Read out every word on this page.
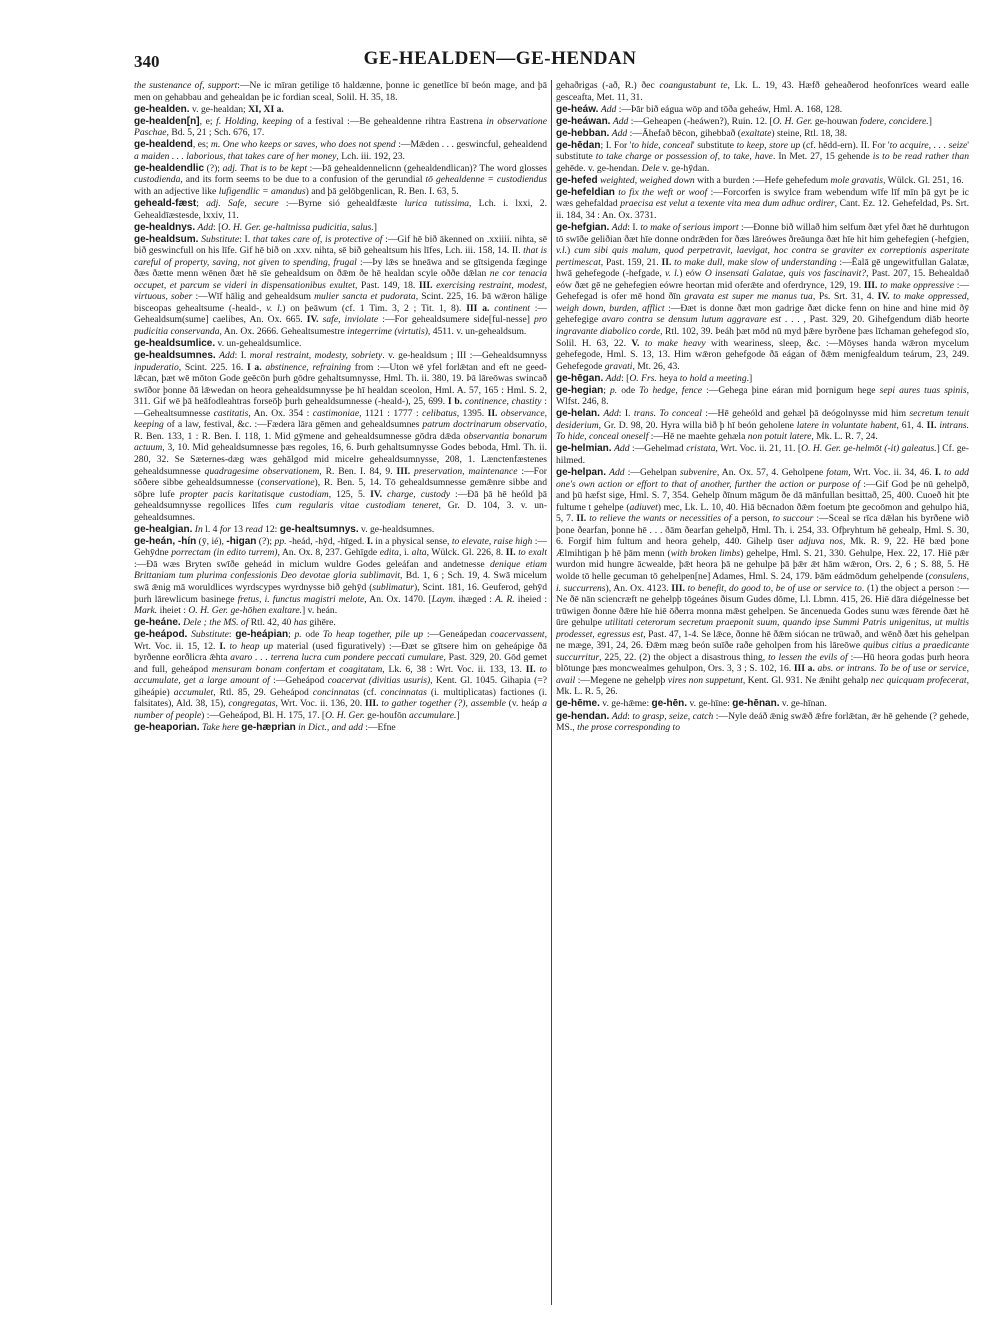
340	GE-HEALDEN—GE-HENDAN

the sustenance of, support:—Ne ic mīran getilige tō haldænne, þonne ic genetlīce bī beón mage, and þā men on gehabbau and gehealdan þe ic fordian sceal, Solil. H. 35, 18.

ge-healden. v. ge-healdan; XI, XI a.

ge-healden[n], e; f. Holding, keeping of a festival :—Be gehealdenne rihtra Eastrena in observatione Paschae, Bd. 5, 21 ; Sch. 676, 17.

ge-healdend, es; m. One who keeps or saves, who does not spend :—Mǣden . . . geswincful, gehealdend a maiden . . . laborious, that takes care of her money, Lch. iii. 192, 23.

ge-healdendlic (?); adj. That is to be kept :—Þā gehealdennelicnn (gehealdendlican)? The word glosses custodienda, and its form seems to be due to a confusion of the gerundial tō gehealdenne = custodiendus with an adjective like lufigendlic = amandus) and þā gelōbgenlican, R. Ben. I. 63, 5.

geheald-fæst; adj. Safe, secure :—Byrne sió gehealdfæste lurica tutissima, Lch. i. lxxi, 2. Gehealdīæstesde, lxxiv, 11.

ge-healdnys. Add: [O. H. Ger. ge-haltnissa pudicitia, salus.]

ge-healdsum. Substitute: I. that takes care of, is protective of :—Gif hē bið ākenned on .xxiiii. nihta, sē bið geswincfull on his līfe. Gif hē bið on .xxv. nihta, sē bið gehealtsum his līfes, Lch. iii. 158, 14. II. that is careful of property, saving, not given to spending, frugal :—Þy lǣs se hneāwa and se gītsigenda fæginge ðæs ðætte menn wēnen ðæt hē sīe gehealdsum on ðǣm ðe hē healdan scyle oððe dǣlan ne cor tenacia occupet, et parcum se videri in dispensationibus exultet, Past. 149, 18. III. exercising restraint, modest, virtuous, sober :—Wīf hālig and gehealdsum mulier sancta et pudorata, Scint. 225, 16. Þā wǣron hālige bisceopas gehealtsume (-heald-, v. l.) on þeāwum (cf. 1 Tim. 3, 2 ; Tit. 1, 8). III a. continent :—Gehealdsum(sume] caelibes, An. Ox. 665. IV. safe, inviolate :—For gehealdsumere side[ful-nesse] pro pudicitia conservanda, An. Ox. 2666. Gehealtsumestre integerrime (virtutis), 4511. v. un-gehealdsum.

ge-healdsumlice. v. un-gehealdsumlice.

ge-healdsumnes. Add: I. moral restraint, modesty, sobriety. v. ge-healdsum ; III :—Gehealdsumnyss inpuderatio, Scint. 225. 16. I a. abstinence, refraining from :—Uton wē yfel forlǣtan and eft ne geed-lǣcan, þæt wē mōton Gode geēcōn þurh gōdre gehaltsumnysse, Hml. Th. ii. 380, 19. Þā lāreōwas swincað swīðor þonne ðā lǣwedan on heora gehealdsumnysse þe hī healdan sceolon, Hml. A. 57, 165 : Hml. S. 2, 311. Gif wē þā heāfodleahtras forseōþ þurh gehealdsumnesse (-heald-), 25, 699. I b. continence, chastity :—Gehealtsumnesse castitatis, An. Ox. 354 : castimoniae, 1121 : 1777 : celibatus, 1395. II. observance, keeping of a law, festival, &c. :—Fædera lāra gēmen and gehealdsumnes patrum doctrinarum observatio, R. Ben. 133, 1 : R. Ben. I. 118, 1. Mid gȳmene and gehealdsumnesse gōdra dǣda observantia bonarum actuum, 3, 10. Mid gehealdsumnesse þæs regoles, 16, 6. Þurh gehaltsumnysse Godes beboda, Hml. Th. ii. 280, 32. Se Sæternes-dæg wæs gehālgod mid micelre gehealdsumnysse, 208, 1. Lænctenfæstenes gehealdsumnesse quadragesime observationem, R. Ben. I. 84, 9. III. preservation, maintenance :—For sōðere sibbe gehealdsumnesse (conservatione), R. Ben. 5, 14. Tō gehealdsumnesse gemǣnre sibbe and sōþre lufe propter pacis karitatisque custodiam, 125, 5. IV. charge, custody :—Ðā þā hē heóld þā gehealdsumnysse regollices līfes cum regularis vitae custodiam teneret, Gr. D. 104, 3. v. un-gehealdsumnes.

ge-healgian. In l. 4 for 13 read 12: ge-healtsumnys. v. ge-healdsumnes.

ge-heán, -hín (ȳ, ié), -higan (?); pp. -heád, -hȳd, -hīged. I. in a physical sense, to elevate, raise high :—Gehȳdne porrectam (in edito turrem), An. Ox. 8, 237. Gehīgde edita, i. alta, Wülck. Gl. 226, 8. II. to exalt :—Ðā wæs Bryten swīðe geheád in miclum wuldre Godes geleáfan and andetnesse denique etiam Brittaniam tum plurima confessionis Deo devotae gloria sublimavit, Bd. 1, 6 ; Sch. 19, 4. Swā micelum swā ǣnig mā woruldlices wyrdscypes wyrdnysse bið gehȳd (sublimatur), Scint. 181, 16. Geuferod, gehȳd þurh lārewlicum basinege fretus, i. functus magistri melote, An. Ox. 1470. [Laym. ihæged : A. R. iheied : Mark. iheiet : O. H. Ger. ge-hōhen exaltare.] v. heán.

ge-heáne. Dele ; the MS. of Rtl. 42, 40 has gihēre.

ge-heápod. Substitute: ge-heápian; p. ode To heap together, pile up :—Geneápedan coacervassent, Wrt. Voc. ii. 15, 12. I. to heap up material (used figuratively) :—Ðæt se gītsere him on geheápige ðā byrðenne eorðlicra ǣhta avaro . . . terrena lucra cum pondere peccati cumulare, Past. 329, 20. Gōd gemet and full, geheápod mensuram bonam confertam et coagitatam, Lk. 6, 38 : Wrt. Voc. ii. 133, 13. II. to accumulate, get a large amount of :—Geheápod coacervat (divitias usuris), Kent. Gl. 1045. Gihapia (=? giheápie) accumulet, Rtl. 85, 29. Geheápod concinnatas (cf. concinnatas (i. multiplicatas) factiones (i. falsitates), Ald. 38, 15), congregatas, Wrt. Voc. ii. 136, 20. III. to gather together (?), assemble (v. heáp a number of people) :—Geheápod, Bl. H. 175, 17. [O. H. Ger. ge-houfōn accumulare.]

ge-heaporian. Take here ge-hæprian in Dict., and add :—Efne

gehaðrigas (-að, R.) ðec coangustabunt te, Lk. L. 19, 43. Hæfð geheaðerod heofonrīces weard ealle gesceafta, Met. 11, 31.

ge-heáw. Add :—Þār bið eágua wōp and tōða geheáw, Hml. A. 168, 128.

ge-heáwan. Add :—Geheapen (-heáwen?), Ruin. 12. [O. H. Ger. ge-houwan fodere, concidere.]

ge-hebban. Add :—Āhefað bēcon, gihebbað (exaltate) steine, Rtl. 18, 38.

ge-hēdan; I. For 'to hide, conceal' substitute to keep, store up (cf. hēdd-ern). II. For 'to acquire, . . . seize' substitute to take charge or possession of, to take, have. In Met. 27, 15 gehende is to be read rather than gehēde. v. ge-hendan. Dele v. ge-hȳdan.

ge-hefed weighted, weighed down with a burden :—Hefe gehefedum mole gravatis, Wülck. Gl. 251, 16.

ge-hefeldian to fix the weft or woof :—Forcorfen is swylce fram webendum wīfe līf mīn þā gyt þe ic wæs gehefaldad praecisa est velut a texente vita mea dum adhuc ordirer, Cant. Ez. 12. Gehefeldad, Ps. Srt. ii. 184, 34 : An. Ox. 3731.

ge-hefgian. Add: I. to make of serious import :—Ðonne bið willað him selfum ðæt yfel ðæt hē durhtugon tō swīðe geliðian ðæt hīe donne ondrǣden for ðæs lāreówes ðreāunga ðæt hīe hit him gehefegien (-hefgien, v.l.) cum sibi quis malum, quod perpetravit, laevigat, hoc contra se graviter ex correptionis asperitate pertimescat, Past. 159, 21. II. to make dull, make slow of understanding :—Ēalā gē ungewitfullan Galatæ, hwā gehefegode (-hefgade, v. l.) eów O insensati Galatae, quis vos fascinavit?, Past. 207, 15. Behealdað eów ðæt gē ne gehefegien eówre heortan mid oferǣte and oferdrynce, 129, 19. III. to make oppressive :—Gehefegad is ofer mē hond ðīn gravata est super me manus tua, Ps. Srt. 31, 4. IV. to make oppressed, weigh down, burden, afflict :—Ðæt is donne ðæt mon gadrige ðæt dicke fenn on hine and hine mid ðȳ gehefegige avaro contra se densum lutum aggravare est . . . , Past. 329, 20. Gihefgendum diāb heorte ingravante diabolico corde, Rtl. 102, 39. Þeáh þæt mōd nū myd þǣre byrðene þæs līchaman gehefegod sīo, Solil. H. 63, 22. V. to make heavy with weariness, sleep, &c. :—Mōyses handa wǣron mycelum gehefegode, Hml. S. 13, 13. Him wǣron gehefgode ðā eágan of ðǣm menigfealdum teárum, 23, 249. Gehefegode gravati, Mt. 26, 43.

ge-hēgan. Add: [O. Frs. heya to hold a meeting.]

ge-hegian; p. ode To hedge, fence :—Gehega þine eáran mid þornigum hege sepi aures tuas spinis, Wlfst. 246, 8.

ge-helan. Add: I. trans. To conceal :—Hē geheóld and gehæl þā deógolnysse mid him secretum tenuit desiderium, Gr. D. 98, 20. Hyra willa bið þ hī beón geholene latere in voluntate habent, 61, 4. II. intrans. To hide, conceal oneself :—Hē ne maehte gehæla non potuit latere, Mk. L. R. 7, 24.

ge-helmian. Add :—Gehelmad cristata, Wrt. Voc. ii. 21, 11. [O. H. Ger. ge-helmōt (-it) galeatus.] Cf. ge-hilmed.

ge-helpan. Add :—Gehelpan subvenire, An. Ox. 57, 4. Geholpene fotam, Wrt. Voc. ii. 34, 46. I. to add one's own action or effort to that of another, further the action or purpose of :—Gif God þe nū gehelpð, and þū hæfst sige, Hml. S. 7, 354. Gehelp ðīnum māgum ðe dā mānfullan besittað, 25, 400. Cuoeð hit þte fultume t gehelpe (adiuvet) mec, Lk. L. 10, 40. Hiā bēcnadon ðǣm foetum þte gecoōmon and gehulpo hiā, 5, 7. II. to relieve the wants or necessities of a person, to succour :—Sceal se rīca dǣlan his byrðene wið þone ðearfan, þonne hē . . . ðām ðearfan gehelpð, Hml. Th. i. 254, 33. Ofþryhtum hē gehealp, Hml. S. 30, 6. Forgif him fultum and heora gehelp, 440. Gihelp ūser adjuva nos, Mk. R. 9, 22. Hē bæd þone Ælmihtigan þ hē þām menn (with broken limbs) gehelpe, Hml. S. 21, 330. Gehulpe, Hex. 22, 17. Hiē pǣr wurdon mid hungre ācwealde, þǣt heora þā ne gehulpe þā þǣr ǣt hām wǣron, Ors. 2, 6 ; S. 88, 5. Hē wolde tō helle gecuman tō gehelpen[ne] Adames, Hml. S. 24, 179. Þām eádmōdum gehelpende (consulens, i. succurrens), An. Ox. 4123. III. to benefit, do good to, be of use or service to. (1) the object a person :—Ne ðē nān sciencræft ne gehelpþ tōgeánes ðisum Gudes dōme, Ll. Lbmn. 415, 26. Hiē dāra diégelnesse bet trūwigen ðonne ðǣre hīe hiē ōðerra monna mǣst gehelpen. Se āncenueda Godes sunu wæs fērende ðæt hē ūre gehulpe utilitati ceterorum secretum praeponit suum, quando ipse Summi Patris unigenitus, ut multis prodesset, egressus est, Past. 47, 1-4. Se lǣce, ðonne hē ðǣm siócan ne trūwað, and wēnð ðæt his gehelpan ne mæge, 391, 24, 26. Ðǣm mæg beón suīðe raðe geholpen from his lāreōwe quibus citius a praedicante succurritur, 225, 22. (2) the object a disastrous thing, to lessen the evils of :—Hū heora godas þurh heora blōtunge þæs moncwealmes gehulpon, Ors. 3, 3 ; S. 102, 16. III a. abs. or intrans. To be of use or service, avail :—Megene ne gehelpþ vires non suppetunt, Kent. Gl. 931. Ne ǣniht gehalp nec quicquam profecerat, Mk. L. R. 5, 26.

ge-hēme. v. ge-hǣme: ge-hēn. v. ge-hīne: ge-hēnan. v. ge-hīnan.

ge-hendan. Add: to grasp, seize, catch :—Nyle deáð ǣnig swǣð ǣfre forlǣtan, ǣr hē gehende (? gehede, MS., the prose corresponding to
